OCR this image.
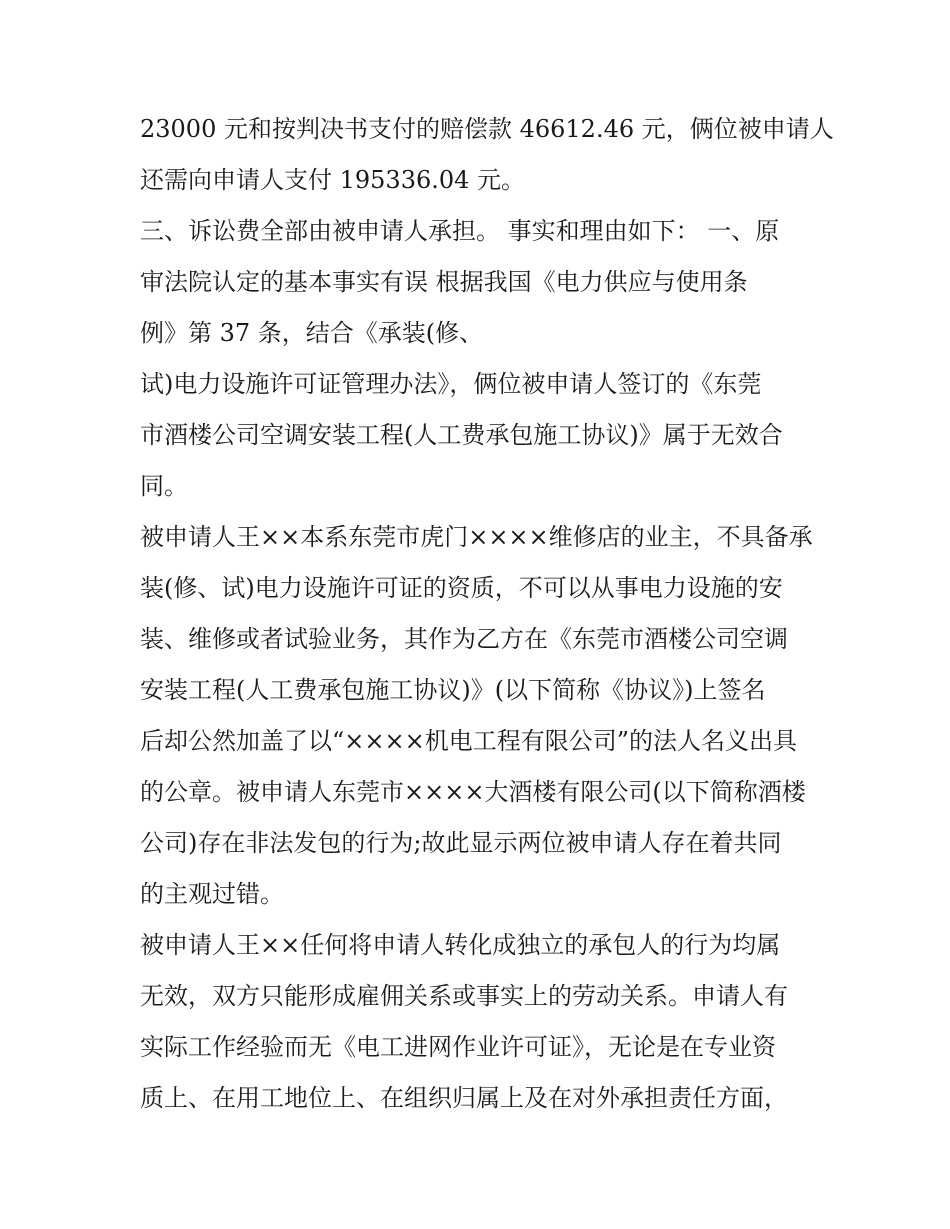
23000 元和按判决书支付的赔偿款 46612.46 元，俩位被申请人
还需向申请人支付 195336.04 元。
三、诉讼费全部由被申请人承担。 事实和理由如下： 一、原
审法院认定的基本事实有误 根据我国《电力供应与使用条
例》第 37 条，结合《承装(修、
试)电力设施许可证管理办法》，俩位被申请人签订的《东莞
市酒楼公司空调安装工程(人工费承包施工协议)》属于无效合
同。
被申请人王××本系东莞市虎门××××维修店的业主，不具备承
装(修、试)电力设施许可证的资质，不可以从事电力设施的安
装、维修或者试验业务，其作为乙方在《东莞市酒楼公司空调
安装工程(人工费承包施工协议)》(以下简称《协议》)上签名
后却公然加盖了以“××××机电工程有限公司”的法人名义出具
的公章。被申请人东莞市××××大酒楼有限公司(以下简称酒楼
公司)存在非法发包的行为;故此显示两位被申请人存在着共同
的主观过错。
被申请人王××任何将申请人转化成独立的承包人的行为均属
无效，双方只能形成雇佣关系或事实上的劳动关系。申请人有
实际工作经验而无《电工进网作业许可证》，无论是在专业资
质上、在用工地位上、在组织归属上及在对外承担责任方面，
